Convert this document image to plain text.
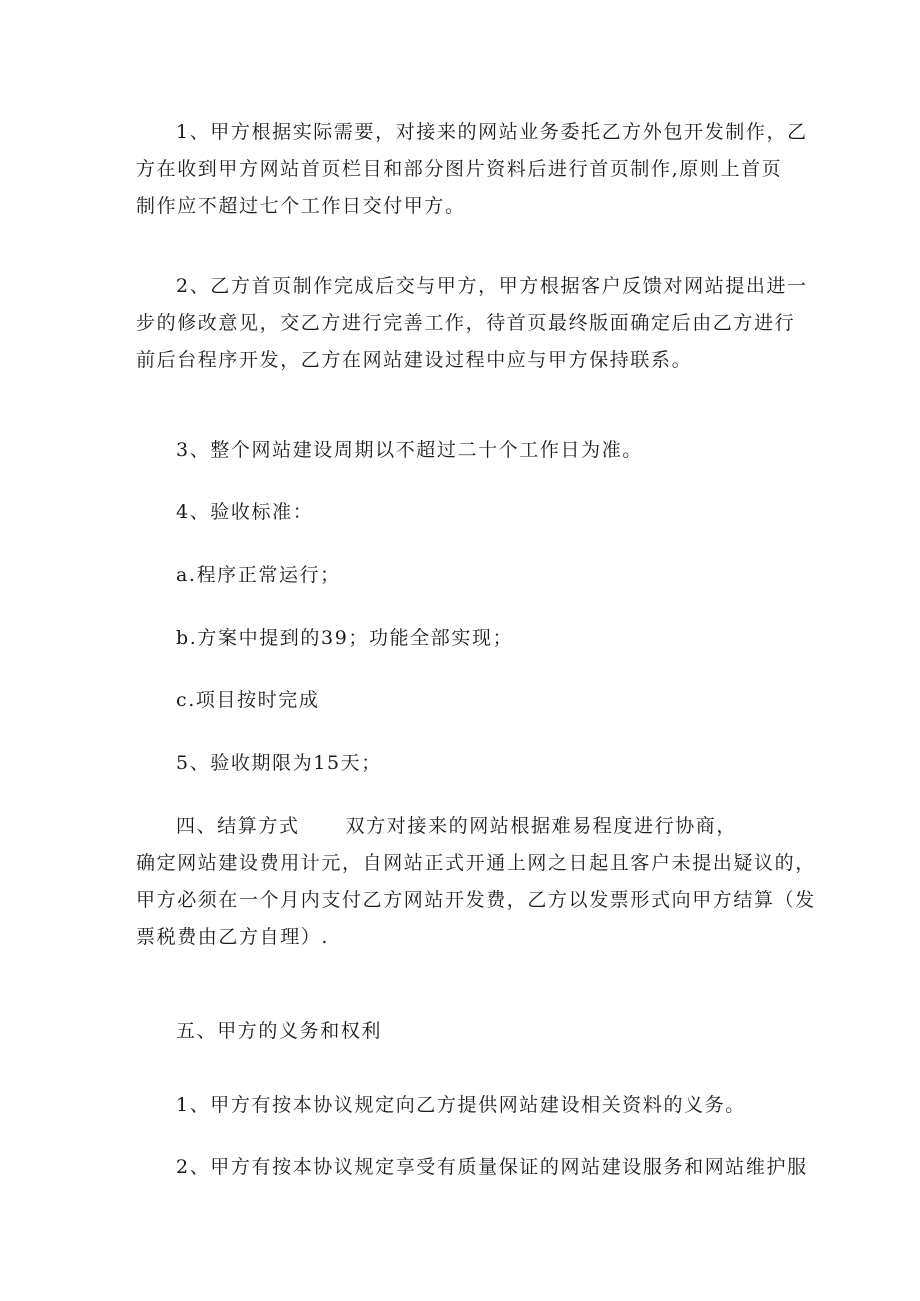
1、甲方根据实际需要，对接来的网站业务委托乙方外包开发制作，乙
方在收到甲方网站首页栏目和部分图片资料后进行首页制作,原则上首页
制作应不超过七个工作日交付甲方。
2、乙方首页制作完成后交与甲方，甲方根据客户反馈对网站提出进一
步的修改意见，交乙方进行完善工作，待首页最终版面确定后由乙方进行
前后台程序开发，乙方在网站建设过程中应与甲方保持联系。
3、整个网站建设周期以不超过二十个工作日为准。
4、验收标准：
a.程序正常运行；
b.方案中提到的39；功能全部实现；
c.项目按时完成
5、验收期限为15天；
四、结算方式 双方对接来的网站根据难易程度进行协商，
确定网站建设费用计元，自网站正式开通上网之日起且客户未提出疑议的，
甲方必须在一个月内支付乙方网站开发费，乙方以发票形式向甲方结算（发
票税费由乙方自理）.
五、甲方的义务和权利
1、甲方有按本协议规定向乙方提供网站建设相关资料的义务。
2、甲方有按本协议规定享受有质量保证的网站建设服务和网站维护服
